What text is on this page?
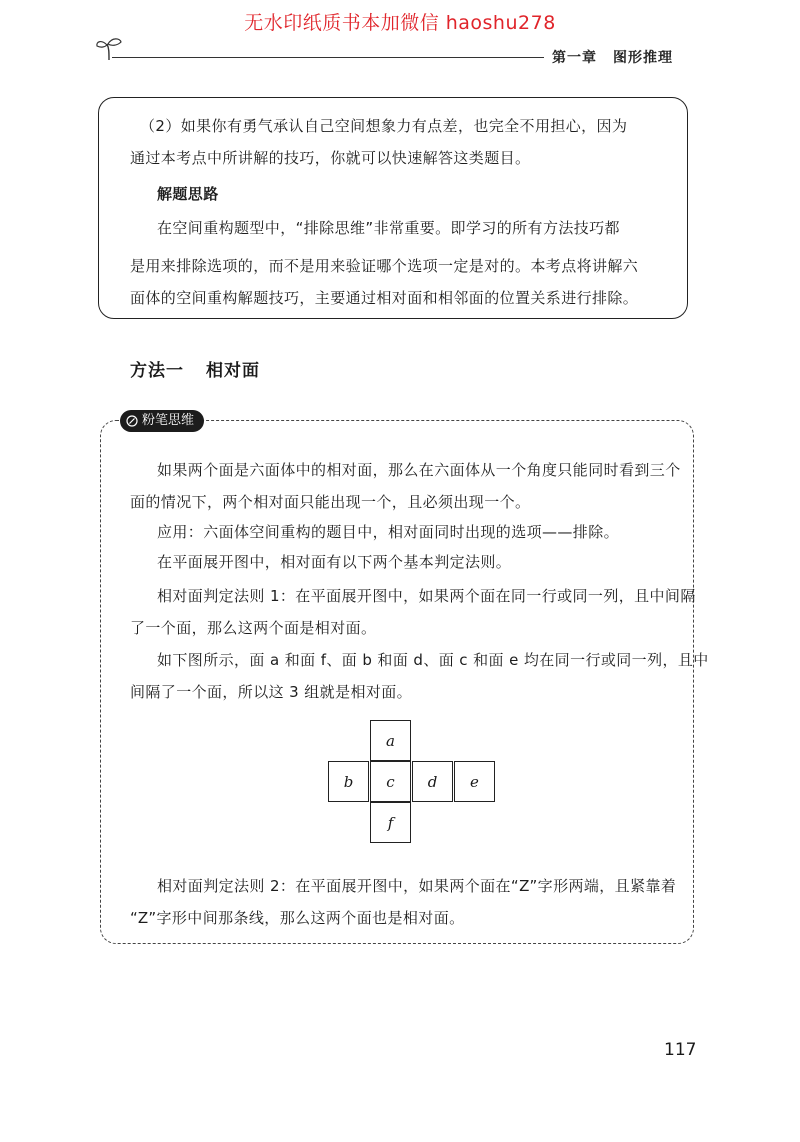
无水印纸质书本加微信 haoshu278
第一章 图形推理
（2）如果你有勇气承认自己空间想象力有点差，也完全不用担心，因为
通过本考点中所讲解的技巧，你就可以快速解答这类题目。
解题思路
在空间重构题型中，“排除思维”非常重要。即学习的所有方法技巧都
是用来排除选项的，而不是用来验证哪个选项一定是对的。本考点将讲解六
面体的空间重构解题技巧，主要通过相对面和相邻面的位置关系进行排除。
方法一 相对面
粉笔思维
如果两个面是六面体中的相对面，那么在六面体从一个角度只能同时看到三个
面的情况下，两个相对面只能出现一个，且必须出现一个。
应用：六面体空间重构的题目中，相对面同时出现的选项——排除。
在平面展开图中，相对面有以下两个基本判定法则。
相对面判定法则 1：在平面展开图中，如果两个面在同一行或同一列，且中间隔
了一个面，那么这两个面是相对面。
如下图所示，面 a 和面 f、面 b 和面 d、面 c 和面 e 均在同一行或同一列，且中
间隔了一个面，所以这 3 组就是相对面。
a
b	c	d	e
f
相对面判定法则 2：在平面展开图中，如果两个面在“Z”字形两端，且紧靠着
“Z”字形中间那条线，那么这两个面也是相对面。
117
